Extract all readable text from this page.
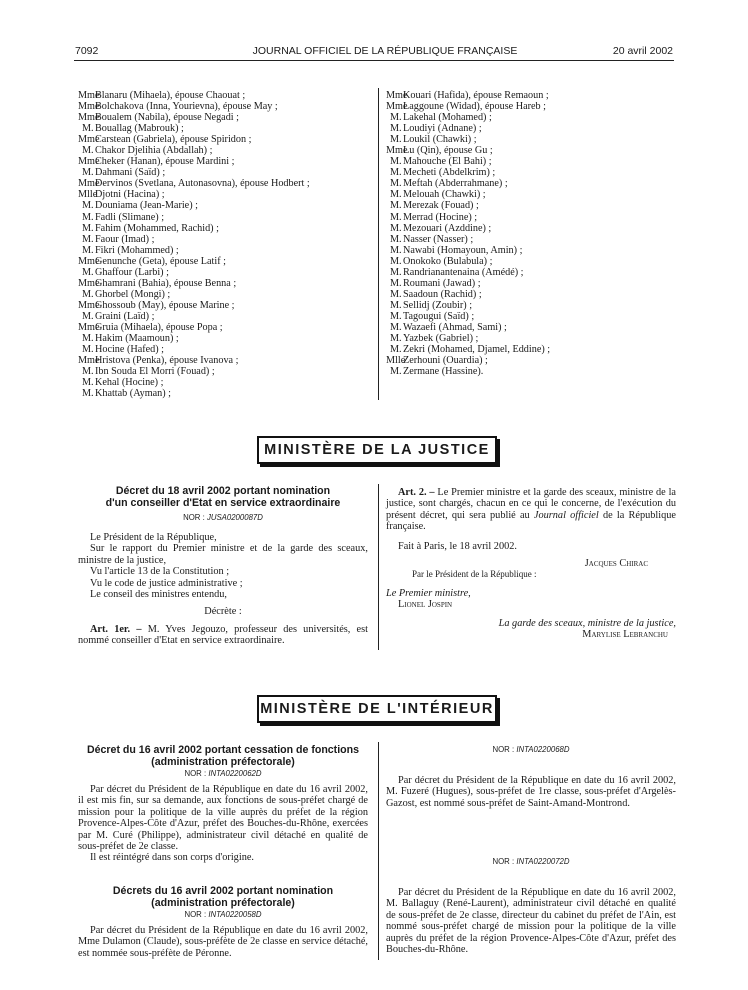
7092	JOURNAL OFFICIEL DE LA RÉPUBLIQUE FRANÇAISE	20 avril 2002
MmeBlanaru (Mihaela), épouse Chaouat ;
MmeBolchakova (Inna, Yourievna), épouse May ;
MmeBoualem (Nabila), épouse Negadi ;
M.Bouallag (Mabrouk) ;
MmeCarstean (Gabriela), épouse Spiridon ;
M.Chakor Djelihia (Abdallah) ;
MmeCheker (Hanan), épouse Mardini ;
M.Dahmani (Saïd) ;
MmeDervinos (Svetlana, Autonasovna), épouse Hodbert ;
MlleDjotni (Hacina) ;
M.Douniama (Jean-Marie) ;
M.Fadli (Slimane) ;
M.Fahim (Mohammed, Rachid) ;
M.Faour (Imad) ;
M.Fikri (Mohammed) ;
MmeGenunche (Geta), épouse Latif ;
M.Ghaffour (Larbi) ;
MmeGhamrani (Bahia), épouse Benna ;
M.Ghorbel (Mongi) ;
MmeGhossoub (May), épouse Marine ;
M.Graini (Laïd) ;
MmeGruia (Mihaela), épouse Popa ;
M.Hakim (Maamoun) ;
M.Hocine (Hafed) ;
MmeHristova (Penka), épouse Ivanova ;
M.Ibn Souda El Morri (Fouad) ;
M.Kehal (Hocine) ;
M.Khattab (Ayman) ;
MmeKouari (Hafida), épouse Remaoun ;
MmeLaggoune (Widad), épouse Hareb ;
M.Lakehal (Mohamed) ;
M.Loudiyi (Adnane) ;
M.Loukil (Chawki) ;
MmeLu (Qin), épouse Gu ;
M.Mahouche (El Bahi) ;
M.Mecheti (Abdelkrim) ;
M.Meftah (Abderrahmane) ;
M.Melouah (Chawki) ;
M.Merezak (Fouad) ;
M.Merrad (Hocine) ;
M.Mezouari (Azddine) ;
M.Nasser (Nasser) ;
M.Nawabi (Homayoun, Amin) ;
M.Onokoko (Bulabula) ;
M.Randrianantenaina (Amédé) ;
M.Roumani (Jawad) ;
M.Saadoun (Rachid) ;
M.Sellidj (Zoubir) ;
M.Tagougui (Saïd) ;
M.Wazaefi (Ahmad, Sami) ;
M.Yazbek (Gabriel) ;
M.Zekri (Mohamed, Djamel, Eddine) ;
MlleZerhouni (Ouardia) ;
M.Zermane (Hassine).
MINISTÈRE DE LA JUSTICE
Décret du 18 avril 2002 portant nomination
d'un conseiller d'Etat en service extraordinaire
NOR : JUSA0200087D
Le Président de la République,
Sur le rapport du Premier ministre et de la garde des sceaux, ministre de la justice,
Vu l'article 13 de la Constitution ;
Vu le code de justice administrative ;
Le conseil des ministres entendu,
Décrète :
Art. 1er. – M. Yves Jegouzo, professeur des universités, est nommé conseiller d'Etat en service extraordinaire.
Art. 2. – Le Premier ministre et la garde des sceaux, ministre de la justice, sont chargés, chacun en ce qui le concerne, de l'exécution du présent décret, qui sera publié au Journal officiel de la République française.
Fait à Paris, le 18 avril 2002.
Jacques Chirac
Par le Président de la République :
Le Premier ministre,
Lionel Jospin
La garde des sceaux, ministre de la justice,
Marylise Lebranchu
MINISTÈRE DE L'INTÉRIEUR
Décret du 16 avril 2002 portant cessation de fonctions
(administration préfectorale)
NOR : INTA0220062D
Par décret du Président de la République en date du 16 avril 2002, il est mis fin, sur sa demande, aux fonctions de sous-préfet chargé de mission pour la politique de la ville auprès du préfet de la région Provence-Alpes-Côte d'Azur, préfet des Bouches-du-Rhône, exercées par M. Curé (Philippe), administrateur civil détaché en qualité de sous-préfet de 2e classe.
Il est réintégré dans son corps d'origine.
Décrets du 16 avril 2002 portant nomination
(administration préfectorale)
NOR : INTA0220058D
Par décret du Président de la République en date du 16 avril 2002, Mme Dulamon (Claude), sous-préfète de 2e classe en service détaché, est nommée sous-préfète de Péronne.
NOR : INTA0220068D
Par décret du Président de la République en date du 16 avril 2002, M. Fuzeré (Hugues), sous-préfet de 1re classe, sous-préfet d'Argelès-Gazost, est nommé sous-préfet de Saint-Amand-Montrond.
NOR : INTA0220072D
Par décret du Président de la République en date du 16 avril 2002, M. Ballaguy (René-Laurent), administrateur civil détaché en qualité de sous-préfet de 2e classe, directeur du cabinet du préfet de l'Ain, est nommé sous-préfet chargé de mission pour la politique de la ville auprès du préfet de la région Provence-Alpes-Côte d'Azur, préfet des Bouches-du-Rhône.
